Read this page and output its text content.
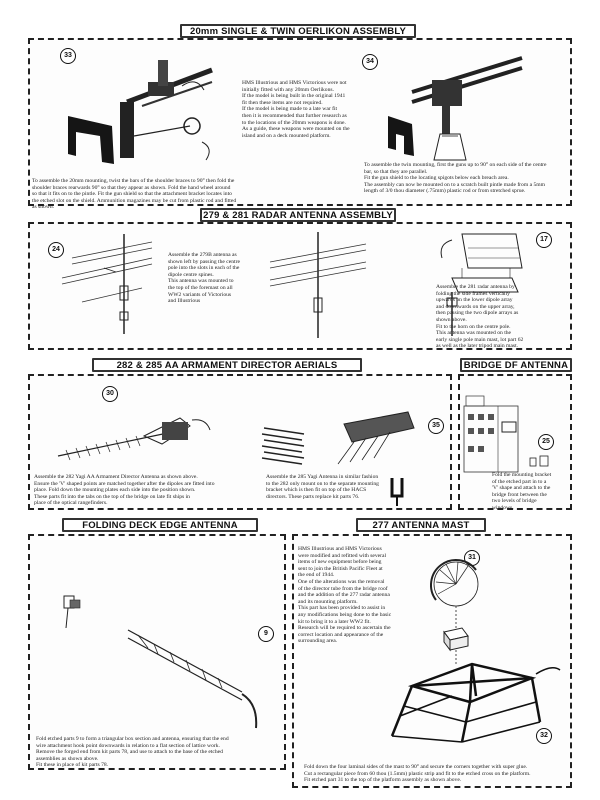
20mm SINGLE & TWIN OERLIKON ASSEMBLY
33
HMS Illustrious and HMS Victorious were not
initially fitted with any 20mm Oerlikons.
If the model is being built in the original 1941
fit then these items are not required.
If the model is being made to a late war fit
then it is recommended that further research as
to the locations of the 20mm weapons is done.
As a guide, these weapons were mounted on the
island and on a deck mounted platform.
34
To assemble the 20mm mounting, twist the bars of the shoulder braces to 90° then fold the
shoulder braces rearwards 90° so that they appear as shown. Fold the hand wheel around
so that it fits on to the pintle. Fit the gun shield so that the attachment bracket locates into
the etched slot on the shield. Ammunition magazines may be cut from plastic rod and fitted
as shown.
To assemble the twin mounting, first the guns up to 90° on each side of the centre
bar, so that they are parallel.
Fit the gun shield to the locating spigots below each breach area.
The assembly can now be mounted on to a scratch built pintle made from a 5mm
length of 3/0 thou diameter (.75mm) plastic rod or from stretched sprue.
279 & 281 RADAR ANTENNA ASSEMBLY
24
Assemble the 279B antenna as
shown left by passing the centre
pole into the slots in each of the
dipole centre spines.
This antenna was mounted to
the top of the foremast on all
WW2 variants of Victorious
and Illustrious
17
Assemble the 281 radar antenna by
folding the side frames vertically
upwards on the lower dipole array
and downwards on the upper array,
then passing the two dipole arrays as
shown above.
Fit to the horn on the centre pole.
This antenna was mounted on the
early single pole main mast, lot part 62
as well as the later tripod main mast.
282 & 285 AA ARMAMENT DIRECTOR AERIALS
30
35
Assemble the 282 Yagi AA Armament Director Antenna as shown above.
Ensure the 'V' shaped points are matched together after the dipoles are fitted into
place. Fold down the mounting plates each side into the position shown.
These parts fit into the tabs on the top of the bridge on late fit ships in
place of the optical rangefinders.
Assemble the 285 Yagi Antenna in similar fashion
to the 282 only mount on to the separate mounting
bracket which is then fit on top of the HACS
directors. These parts replace kit parts 76.
BRIDGE DF ANTENNA
25
Fold the mounting bracket
of the etched part in to a
'V' shape and attach to the
bridge front between the
two levels of bridge
windows.
FOLDING DECK EDGE ANTENNA
9
Fold etched parts 9 to form a triangular box section and antenna, ensuring that the end
wire attachment hook point downwards in relation to a flat section of lattice work.
Remove the forged end from kit parts 78, and use to attach to the base of the etched
assemblies as shown above.
Fit these in place of kit parts 78.
277 ANTENNA MAST
HMS Illustrious and HMS Victorious
were modified and refitted with several
items of new equipment before being
sent to join the British Pacific Fleet at
the end of 1944.
One of the alterations was the removal
of the director tube from the bridge roof
and the addition of the 277 radar antenna
and its mounting platform.
This part has been provided to assist in
any modifications being done to the basic
kit to bring it to a later WW2 fit.
Research will be required to ascertain the
correct location and appearance of the
surrounding area.
31
32
Fold down the four laminal sides of the mast to 90° and secure the corners together with super glue.
Cut a rectangular piece from 60 thou (1.5mm) plastic strip and fit to the etched cross on the platform.
Fit etched part 31 to the top of the platform assembly as shown above.
